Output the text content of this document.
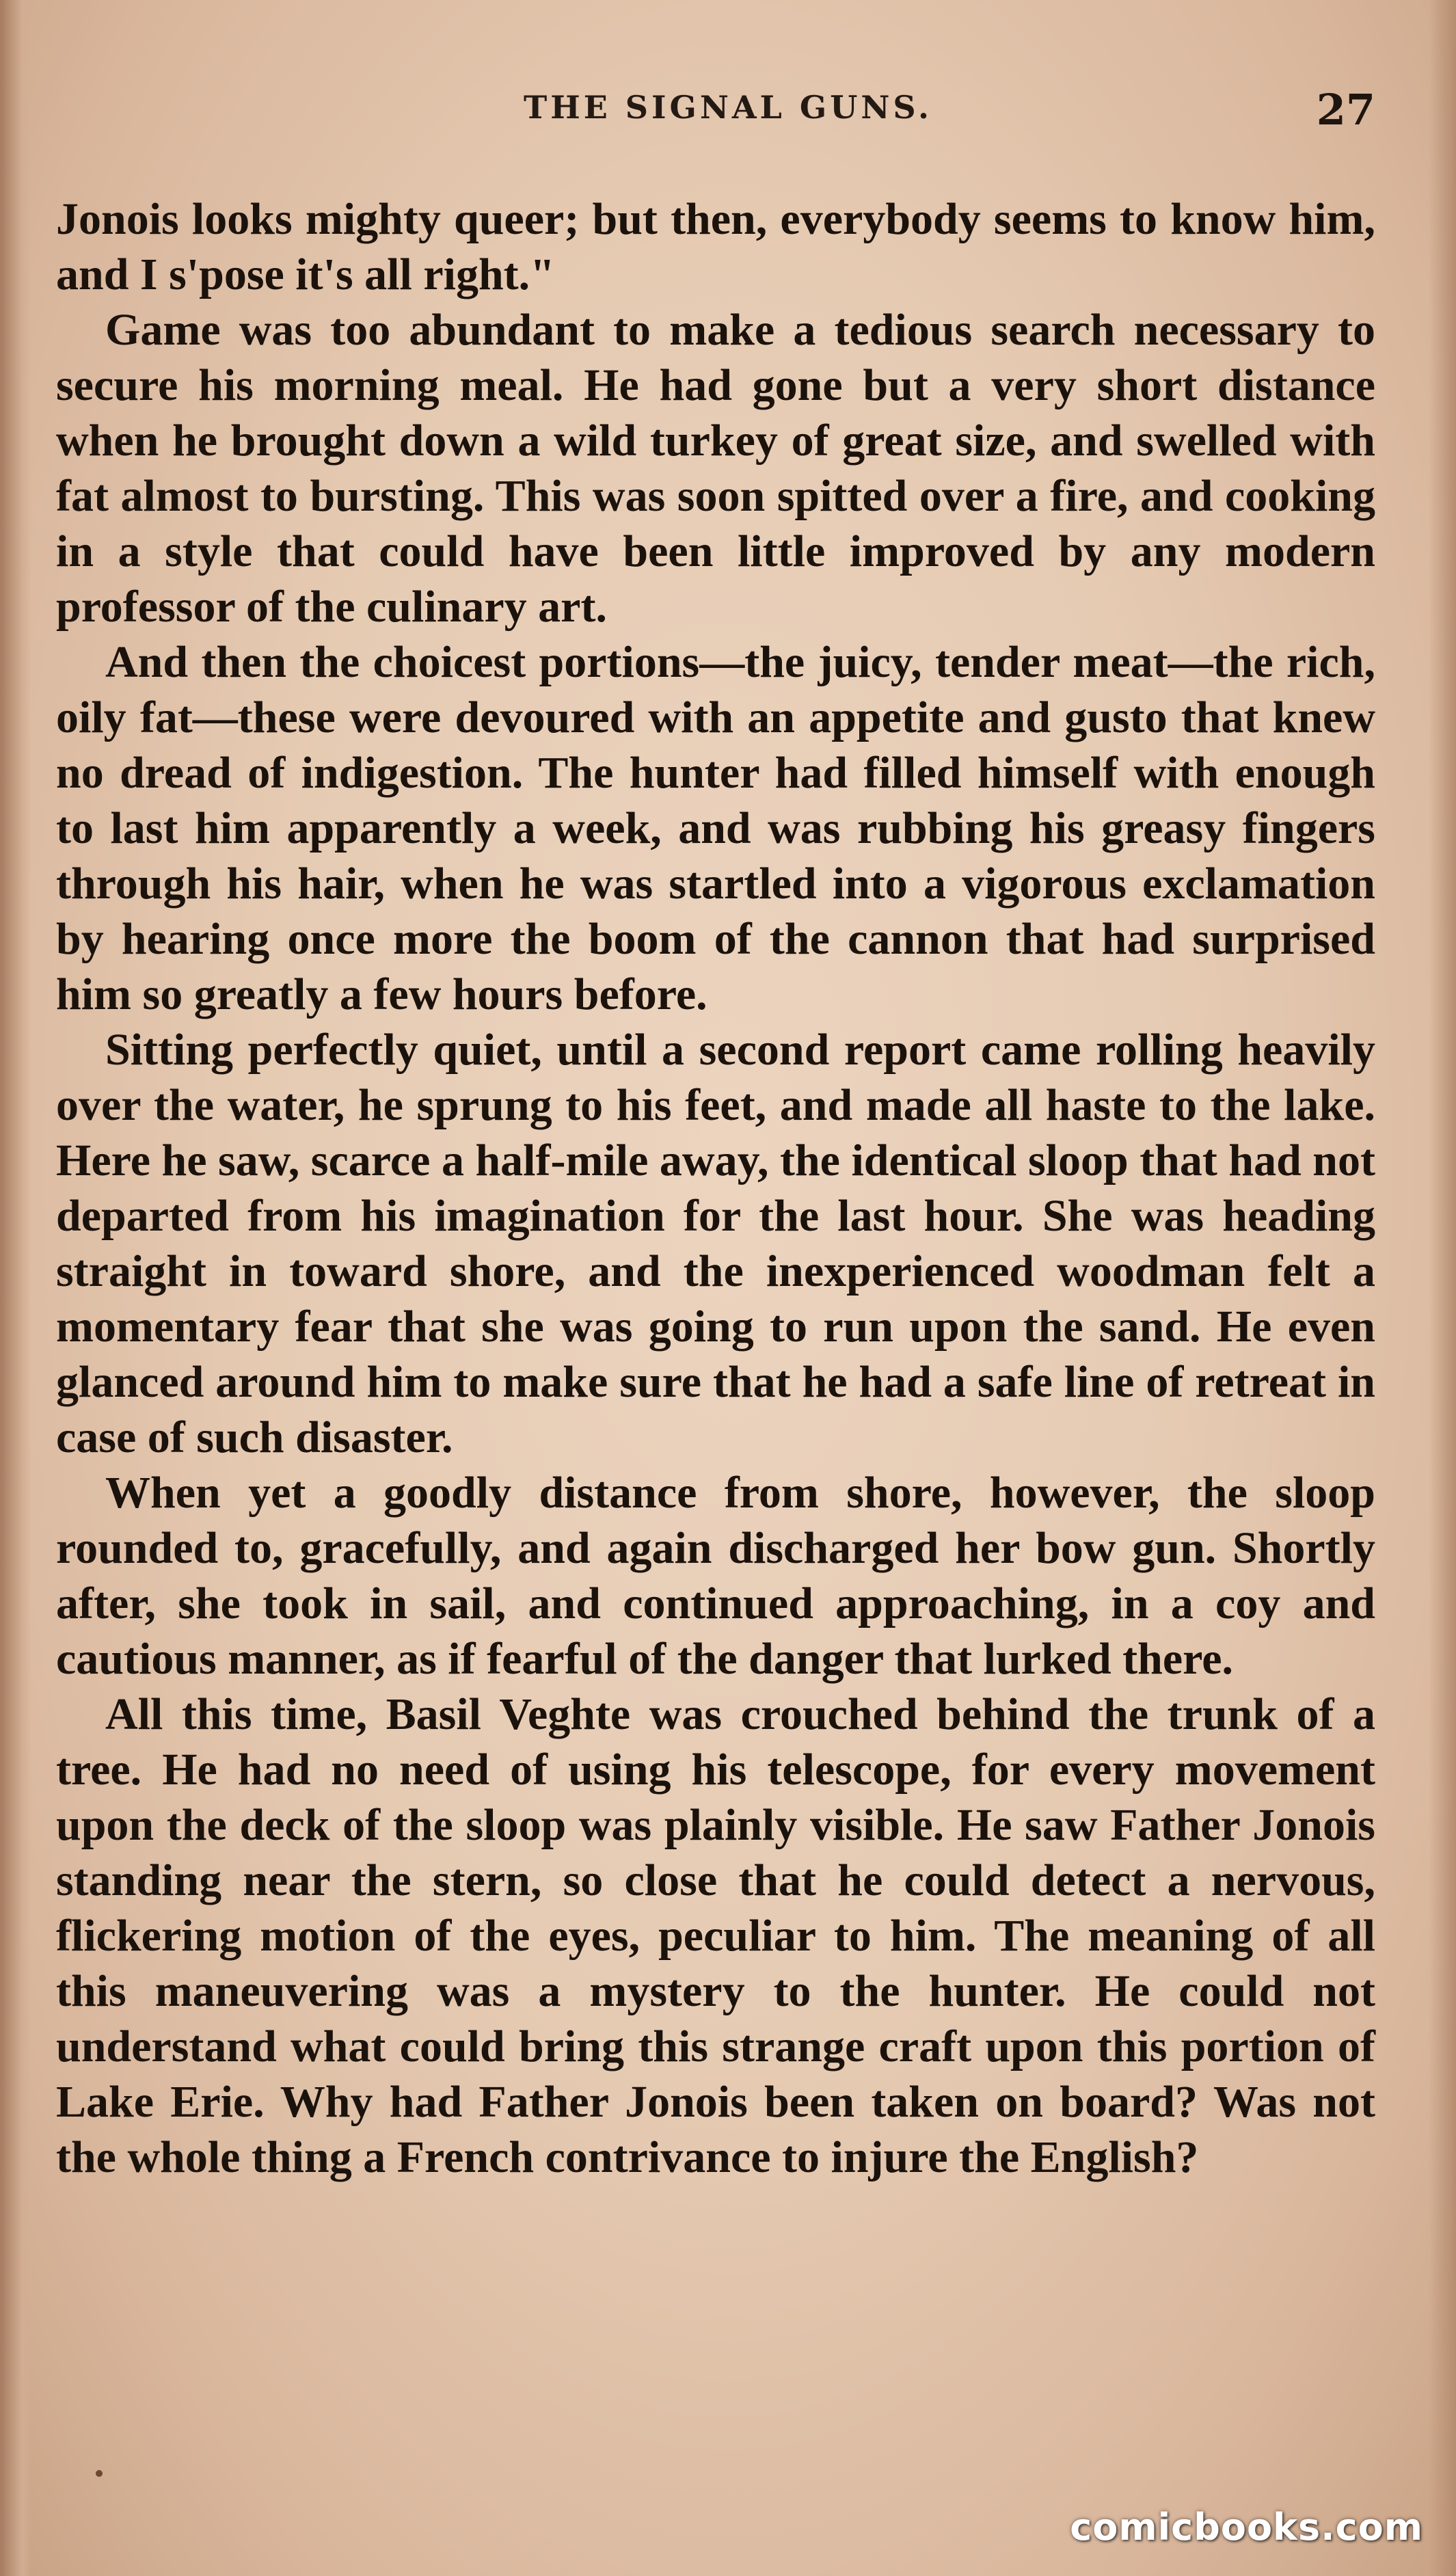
THE SIGNAL GUNS.	27

Jonois looks mighty queer; but then, everybody seems to know him, and I s'pose it's all right."

Game was too abundant to make a tedious search necessary to secure his morning meal. He had gone but a very short distance when he brought down a wild turkey of great size, and swelled with fat almost to bursting. This was soon spitted over a fire, and cooking in a style that could have been little improved by any modern professor of the culinary art.

And then the choicest portions—the juicy, tender meat—the rich, oily fat—these were devoured with an appetite and gusto that knew no dread of indigestion. The hunter had filled himself with enough to last him apparently a week, and was rubbing his greasy fingers through his hair, when he was startled into a vigorous exclamation by hearing once more the boom of the cannon that had surprised him so greatly a few hours before.

Sitting perfectly quiet, until a second report came rolling heavily over the water, he sprung to his feet, and made all haste to the lake. Here he saw, scarce a half-mile away, the identical sloop that had not departed from his imagination for the last hour. She was heading straight in toward shore, and the inexperienced woodman felt a momentary fear that she was going to run upon the sand. He even glanced around him to make sure that he had a safe line of retreat in case of such disaster.

When yet a goodly distance from shore, however, the sloop rounded to, gracefully, and again discharged her bow gun. Shortly after, she took in sail, and continued approaching, in a coy and cautious manner, as if fearful of the danger that lurked there.

All this time, Basil Veghte was crouched behind the trunk of a tree. He had no need of using his telescope, for every movement upon the deck of the sloop was plainly visible. He saw Father Jonois standing near the stern, so close that he could detect a nervous, flickering motion of the eyes, peculiar to him. The meaning of all this maneuvering was a mystery to the hunter. He could not understand what could bring this strange craft upon this portion of Lake Erie. Why had Father Jonois been taken on board? Was not the whole thing a French contrivance to injure the English?

comicbooks.com
